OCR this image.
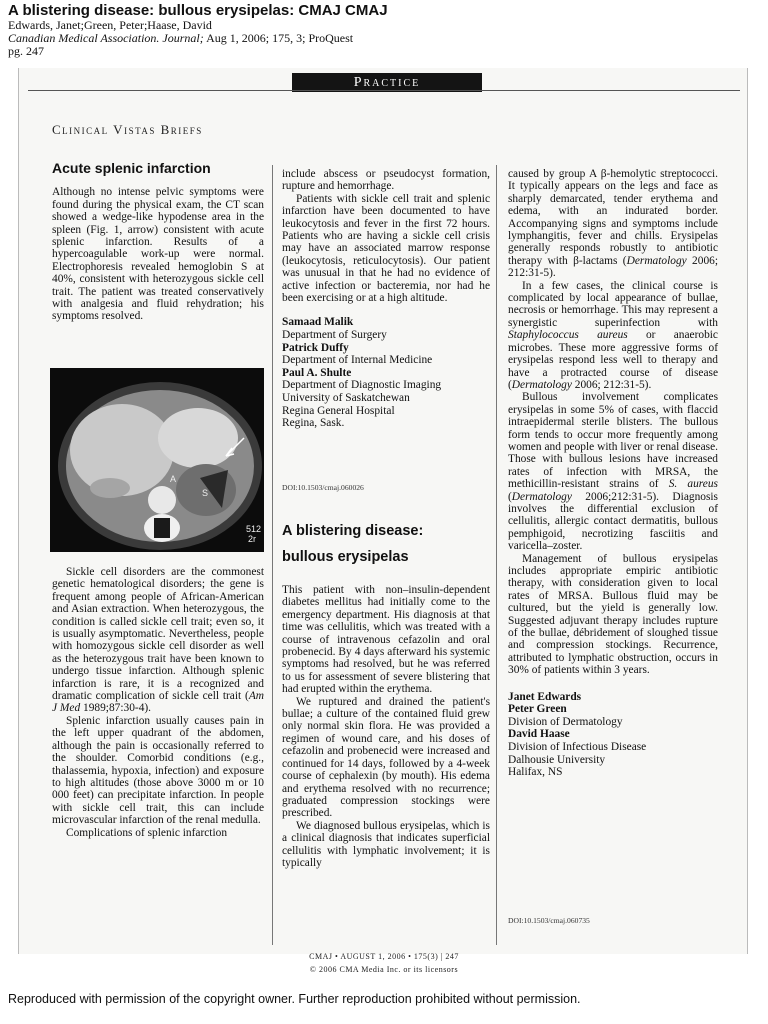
A blistering disease: bullous erysipelas: CMAJ CMAJ
Edwards, Janet;Green, Peter;Haase, David
Canadian Medical Association. Journal; Aug 1, 2006; 175, 3; ProQuest
pg. 247
Practice
Clinical Vistas Briefs
Acute splenic infarction

Although no intense pelvic symptoms were found during the physical exam, the CT scan showed a wedge-like hypodense area in the spleen (Fig. 1, arrow) consistent with acute splenic infarction. Results of a hypercoagulable work-up were normal. Electrophoresis revealed hemoglobin S at 40%, consistent with heterozygous sickle cell trait. The patient was treated conservatively with analgesia and fluid rehydration; his symptoms resolved.

A
S
512
2r

Sickle cell disorders are the commonest genetic hematological disorders; the gene is frequent among people of African-American and Asian extraction. When heterozygous, the condition is called sickle cell trait; even so, it is usually asymptomatic. Nevertheless, people with homozygous sickle cell disorder as well as the heterozygous trait have been known to undergo tissue infarction. Although splenic infarction is rare, it is a recognized and dramatic complication of sickle cell trait (Am J Med 1989;87:30-4).

Splenic infarction usually causes pain in the left upper quadrant of the abdomen, although the pain is occasionally referred to the shoulder. Comorbid conditions (e.g., thalassemia, hypoxia, infection) and exposure to high altitudes (those above 3000 m or 10 000 feet) can precipitate infarction. In people with sickle cell trait, this can include microvascular infarction of the renal medulla.

Complications of splenic infarction

include abscess or pseudocyst formation, rupture and hemorrhage.

Patients with sickle cell trait and splenic infarction have been documented to have leukocytosis and fever in the first 72 hours. Patients who are having a sickle cell crisis may have an associated marrow response (leukocytosis, reticulocytosis). Our patient was unusual in that he had no evidence of active infection or bacteremia, nor had he been exercising or at a high altitude.

Samaad Malik
Department of Surgery
Patrick Duffy
Department of Internal Medicine
Paul A. Shulte
Department of Diagnostic Imaging
University of Saskatchewan
Regina General Hospital
Regina, Sask.
DOI:10.1503/cmaj.060026
A blistering disease:
bullous erysipelas

This patient with non–insulin-dependent diabetes mellitus had initially come to the emergency department. His diagnosis at that time was cellulitis, which was treated with a course of intravenous cefazolin and oral probenecid. By 4 days afterward his systemic symptoms had resolved, but he was referred to us for assessment of severe blistering that had erupted within the erythema.

We ruptured and drained the patient's bullae; a culture of the contained fluid grew only normal skin flora. He was provided a regimen of wound care, and his doses of cefazolin and probenecid were increased and continued for 14 days, followed by a 4-week course of cephalexin (by mouth). His edema and erythema resolved with no recurrence; graduated compression stockings were prescribed.

We diagnosed bullous erysipelas, which is a clinical diagnosis that indicates superficial cellulitis with lymphatic involvement; it is typically

caused by group A β-hemolytic streptococci. It typically appears on the legs and face as sharply demarcated, tender erythema and edema, with an indurated border. Accompanying signs and symptoms include lymphangitis, fever and chills. Erysipelas generally responds robustly to antibiotic therapy with β-lactams (Dermatology 2006; 212:31-5).

In a few cases, the clinical course is complicated by local appearance of bullae, necrosis or hemorrhage. This may represent a synergistic superinfection with Staphylococcus aureus or anaerobic microbes. These more aggressive forms of erysipelas respond less well to therapy and have a protracted course of disease (Dermatology 2006; 212:31-5).

Bullous involvement complicates erysipelas in some 5% of cases, with flaccid intraepidermal sterile blisters. The bullous form tends to occur more frequently among women and people with liver or renal disease. Those with bullous lesions have increased rates of infection with MRSA, the methicillin-resistant strains of S. aureus (Dermatology 2006;212:31-5). Diagnosis involves the differential exclusion of cellulitis, allergic contact dermatitis, bullous pemphigoid, necrotizing fasciitis and varicella–zoster.

Management of bullous erysipelas includes appropriate empiric antibiotic therapy, with consideration given to local rates of MRSA. Bullous fluid may be cultured, but the yield is generally low. Suggested adjuvant therapy includes rupture of the bullae, débridement of sloughed tissue and compression stockings. Recurrence, attributed to lymphatic obstruction, occurs in 30% of patients within 3 years.

Janet Edwards
Peter Green
Division of Dermatology
David Haase
Division of Infectious Disease
Dalhousie University
Halifax, NS
DOI:10.1503/cmaj.060735
CMAJ • AUGUST 1, 2006 • 175(3) | 247
© 2006 CMA Media Inc. or its licensors
Reproduced with permission of the copyright owner. Further reproduction prohibited without permission.
